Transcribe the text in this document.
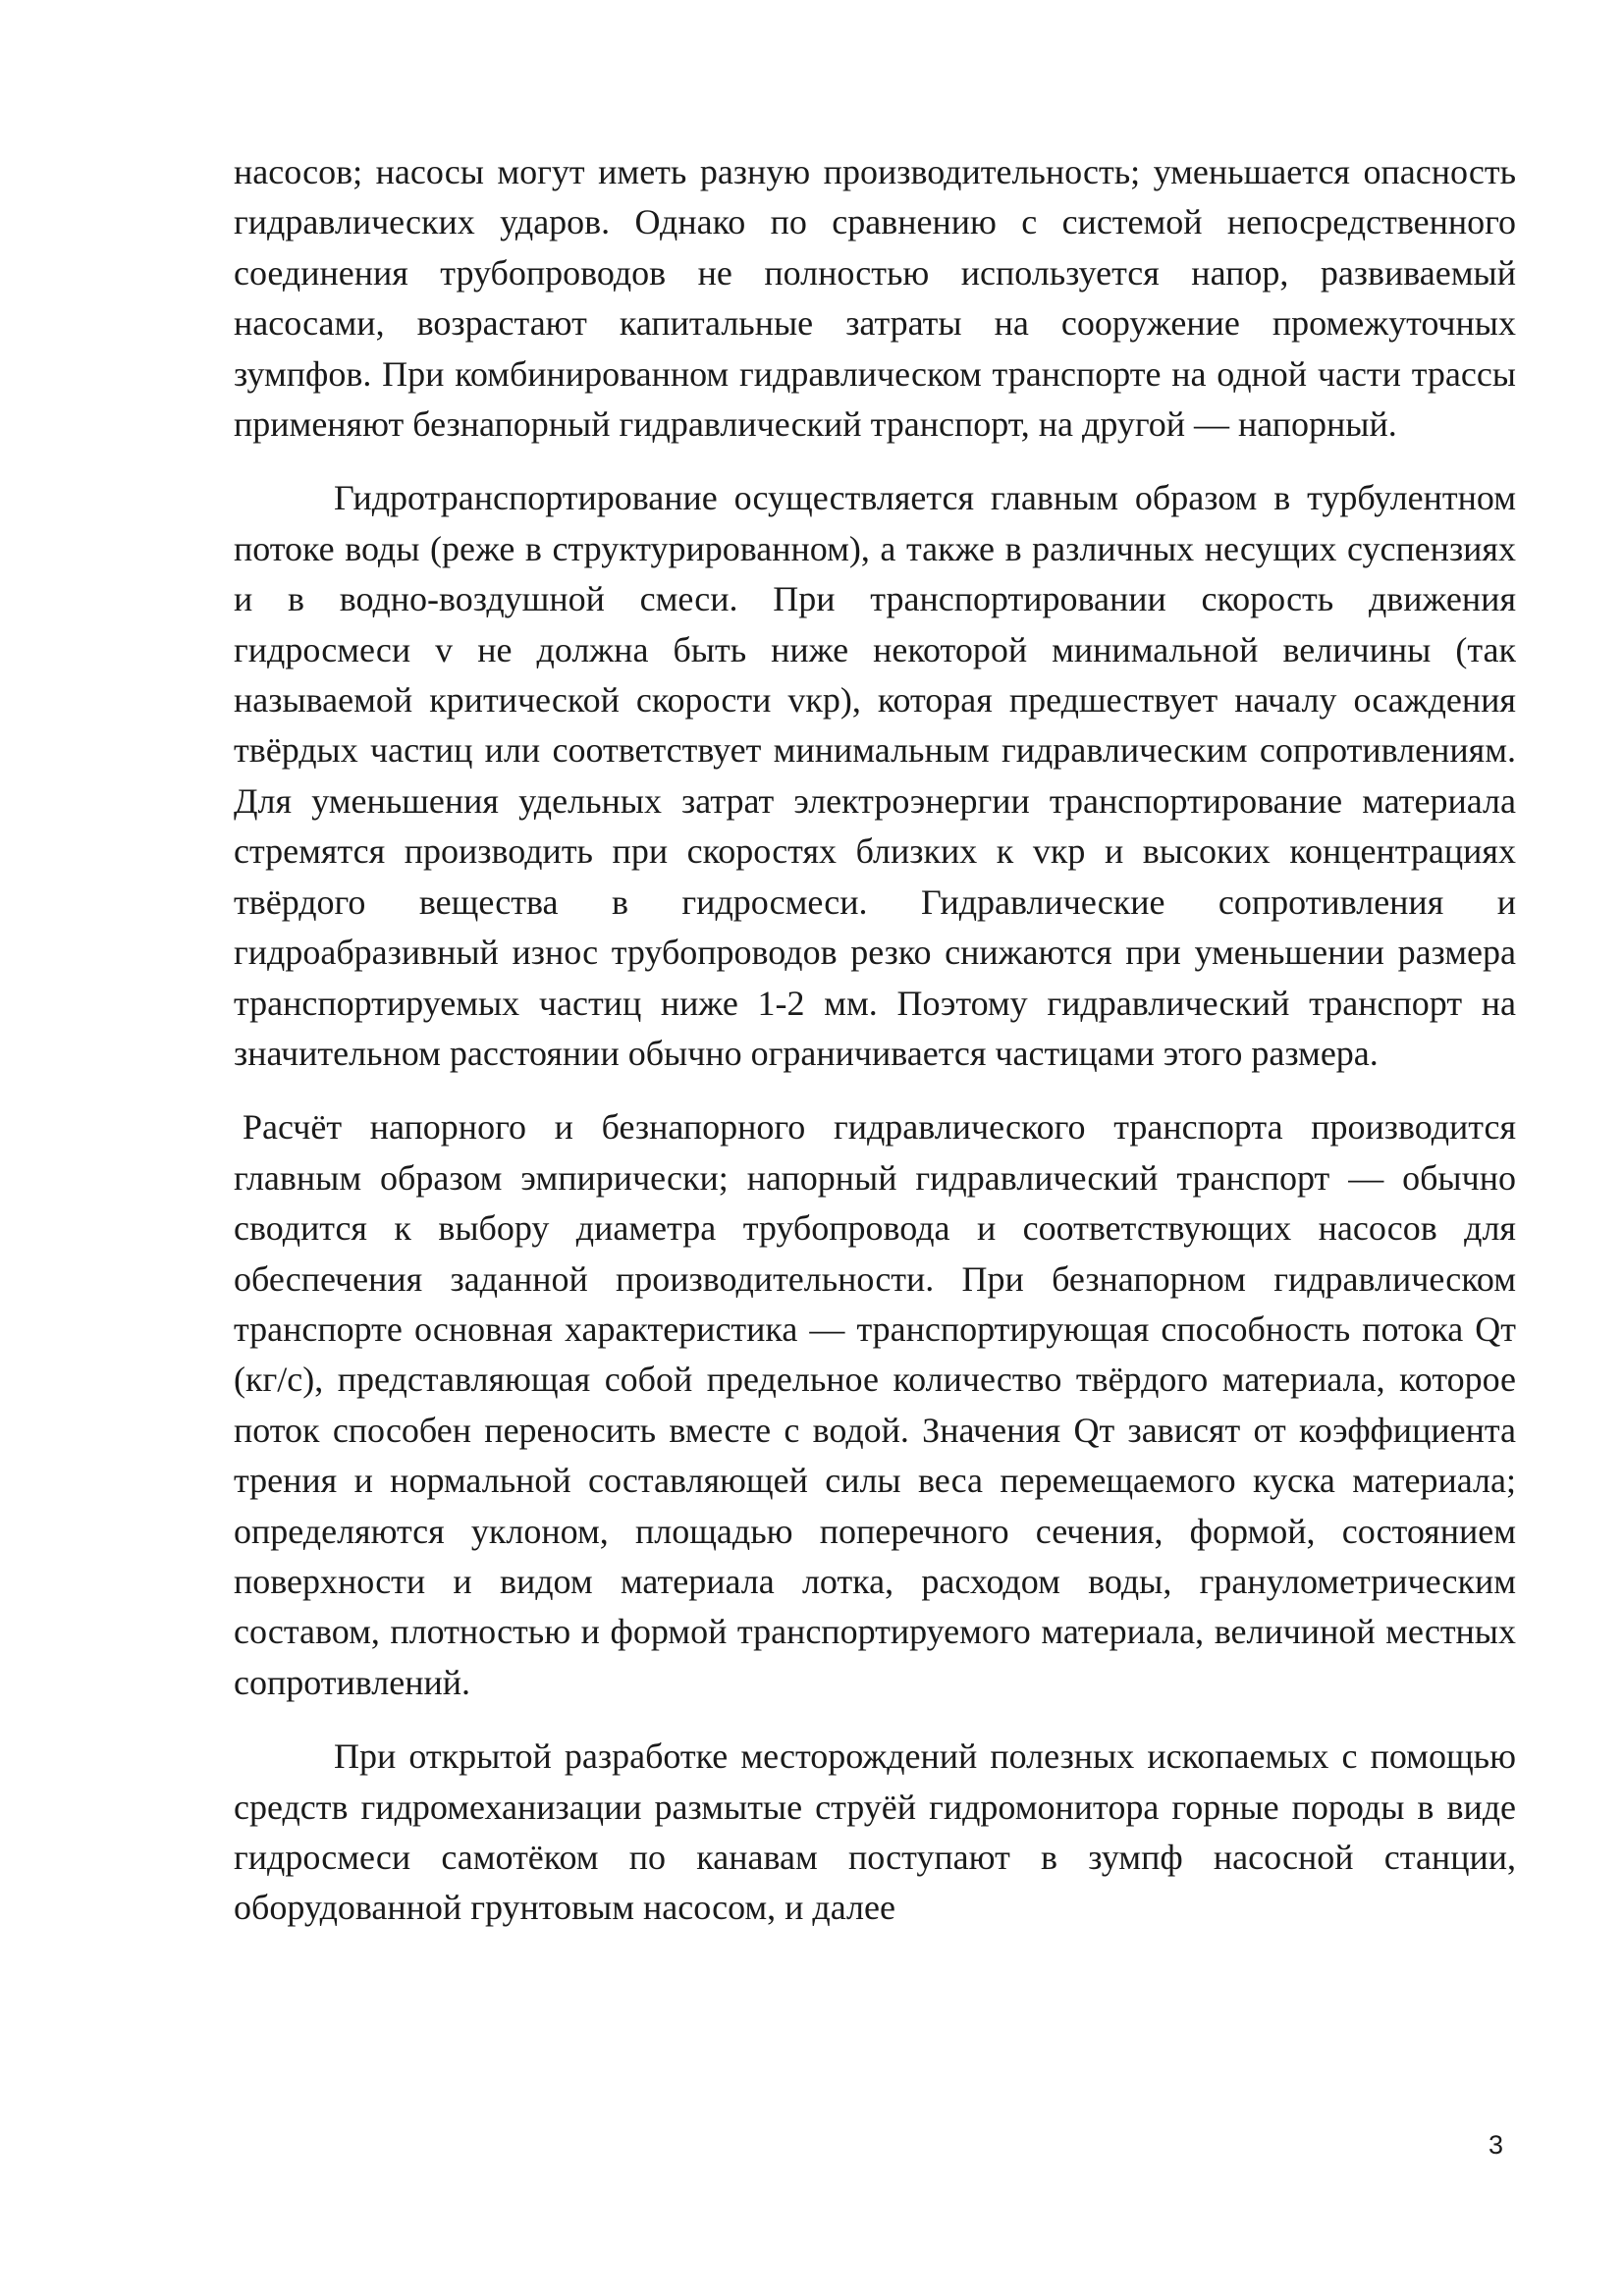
насосов; насосы могут иметь разную производительность; уменьшается опасность гидравлических ударов. Однако по сравнению с системой непосредственного соединения трубопроводов не полностью используется напор, развиваемый насосами, возрастают капитальные затраты на сооружение промежуточных зумпфов. При комбинированном гидравлическом транспорте на одной части трассы применяют безнапорный гидравлический транспорт, на другой — напорный.

Гидротранспортирование осуществляется главным образом в турбулентном потоке воды (реже в структурированном), а также в различных несущих суспензиях и в водно-воздушной смеси. При транспортировании скорость движения гидросмеси v не должна быть ниже некоторой минимальной величины (так называемой критической скорости vкр), которая предшествует началу осаждения твёрдых частиц или соответствует минимальным гидравлическим сопротивлениям. Для уменьшения удельных затрат электроэнергии транспортирование материала стремятся производить при скоростях близких к vкр и высоких концентрациях твёрдого вещества в гидросмеси. Гидравлические сопротивления и гидроабразивный износ трубопроводов резко снижаются при уменьшении размера транспортируемых частиц ниже 1-2 мм. Поэтому гидравлический транспорт на значительном расстоянии обычно ограничивается частицами этого размера.

Расчёт напорного и безнапорного гидравлического транспорта производится главным образом эмпирически; напорный гидравлический транспорт — обычно сводится к выбору диаметра трубопровода и соответствующих насосов для обеспечения заданной производительности. При безнапорном гидравлическом транспорте основная характеристика — транспортирующая способность потока Qт (кг/с), представляющая собой предельное количество твёрдого материала, которое поток способен переносить вместе с водой. Значения Qт зависят от коэффициента трения и нормальной составляющей силы веса перемещаемого куска материала; определяются уклоном, площадью поперечного сечения, формой, состоянием поверхности и видом материала лотка, расходом воды, гранулометрическим составом, плотностью и формой транспортируемого материала, величиной местных сопротивлений.

При открытой разработке месторождений полезных ископаемых с помощью средств гидромеханизации размытые струёй гидромонитора горные породы в виде гидросмеси самотёком по канавам поступают в зумпф насосной станции, оборудованной грунтовым насосом, и далее

3
